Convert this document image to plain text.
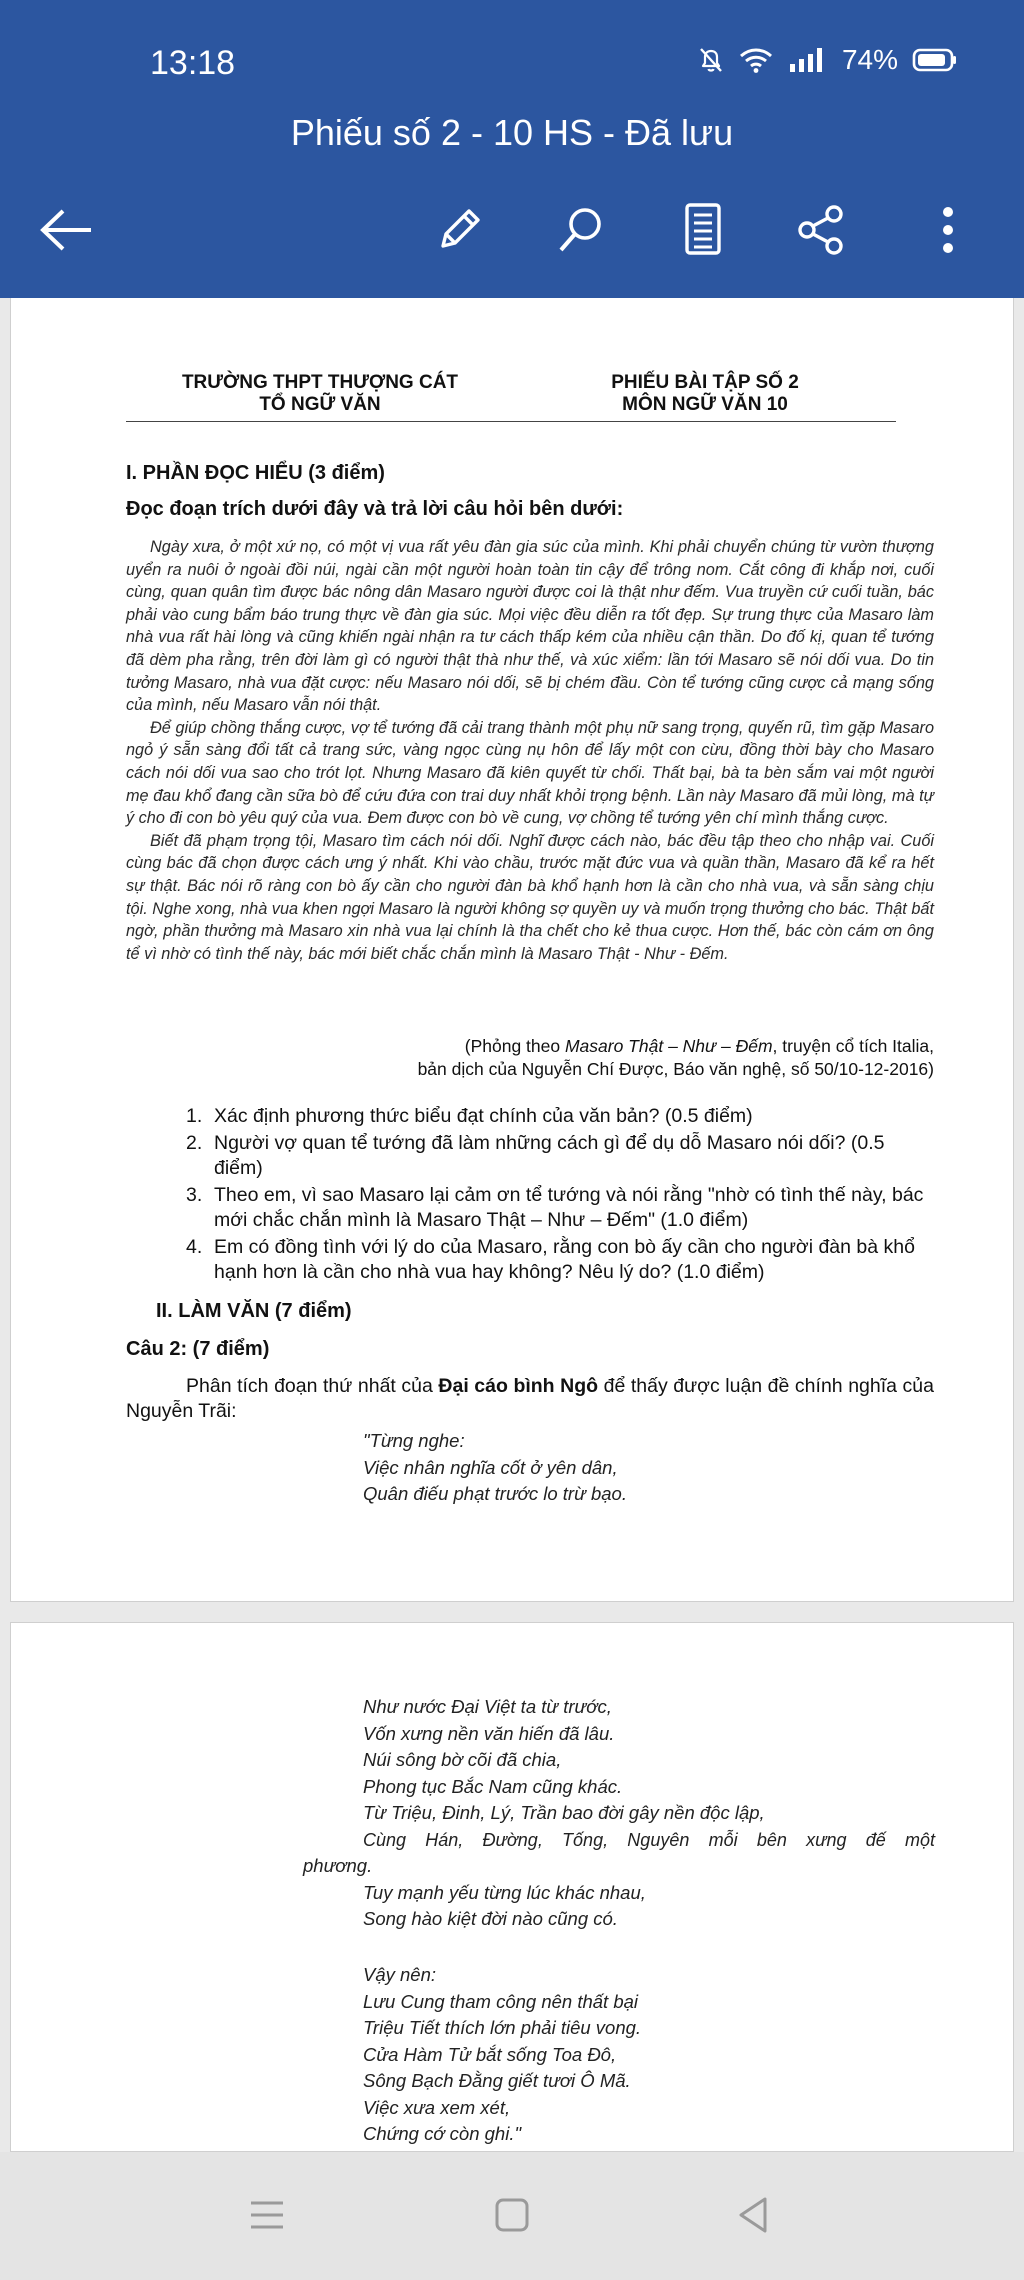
13:18	74%
Phiếu số 2 - 10 HS - Đã lưu
TRƯỜNG THPT THƯỢNG CÁT
TỔ NGỮ VĂN
PHIẾU BÀI TẬP SỐ 2
MÔN NGỮ VĂN 10
I. PHẦN ĐỌC HIỂU (3 điểm)
Đọc đoạn trích dưới đây và trả lời câu hỏi bên dưới:

Ngày xưa, ở một xứ nọ, có một vị vua rất yêu đàn gia súc của mình. Khi phải chuyển chúng từ vườn thượng uyển ra nuôi ở ngoài đồi núi, ngài cần một người hoàn toàn tin cậy để trông nom. Cắt công đi khắp nơi, cuối cùng, quan quân tìm được bác nông dân Masaro người được coi là thật như đếm. Vua truyền cứ cuối tuần, bác phải vào cung bẩm báo trung thực về đàn gia súc. Mọi việc đều diễn ra tốt đẹp. Sự trung thực của Masaro làm nhà vua rất hài lòng và cũng khiến ngài nhận ra tư cách thấp kém của nhiều cận thần. Do đố kị, quan tể tướng đã dèm pha rằng, trên đời làm gì có người thật thà như thế, và xúc xiểm: lần tới Masaro sẽ nói dối vua. Do tin tưởng Masaro, nhà vua đặt cược: nếu Masaro nói dối, sẽ bị chém đầu. Còn tể tướng cũng cược cả mạng sống của mình, nếu Masaro vẫn nói thật.

Để giúp chồng thắng cược, vợ tể tướng đã cải trang thành một phụ nữ sang trọng, quyến rũ, tìm gặp Masaro ngỏ ý sẵn sàng đổi tất cả trang sức, vàng ngọc cùng nụ hôn để lấy một con cừu, đồng thời bày cho Masaro cách nói dối vua sao cho trót lọt. Nhưng Masaro đã kiên quyết từ chối. Thất bại, bà ta bèn sắm vai một người mẹ đau khổ đang cần sữa bò để cứu đứa con trai duy nhất khỏi trọng bệnh. Lần này Masaro đã mủi lòng, mà tự ý cho đi con bò yêu quý của vua. Đem được con bò về cung, vợ chồng tể tướng yên chí mình thắng cược.

Biết đã phạm trọng tội, Masaro tìm cách nói dối. Nghĩ được cách nào, bác đều tập theo cho nhập vai. Cuối cùng bác đã chọn được cách ưng ý nhất. Khi vào chầu, trước mặt đức vua và quần thần, Masaro đã kể ra hết sự thật. Bác nói rõ ràng con bò ấy cần cho người đàn bà khổ hạnh hơn là cần cho nhà vua, và sẵn sàng chịu tội. Nghe xong, nhà vua khen ngợi Masaro là người không sợ quyền uy và muốn trọng thưởng cho bác. Thật bất ngờ, phần thưởng mà Masaro xin nhà vua lại chính là tha chết cho kẻ thua cược. Hơn thế, bác còn cám ơn ông tể vì nhờ có tình thế này, bác mới biết chắc chắn mình là Masaro Thật - Như - Đếm.

(Phỏng theo Masaro Thật – Như – Đếm, truyện cổ tích Italia,
bản dịch của Nguyễn Chí Được, Báo văn nghệ, số 50/10-12-2016)
1. Xác định phương thức biểu đạt chính của văn bản? (0.5 điểm)
2. Người vợ quan tể tướng đã làm những cách gì để dụ dỗ Masaro nói dối? (0.5 điểm)
3. Theo em, vì sao Masaro lại cảm ơn tể tướng và nói rằng "nhờ có tình thế này, bác mới chắc chắn mình là Masaro Thật – Như – Đếm" (1.0 điểm)
4. Em có đồng tình với lý do của Masaro, rằng con bò ấy cần cho người đàn bà khổ hạnh hơn là cần cho nhà vua hay không? Nêu lý do? (1.0 điểm)
II. LÀM VĂN (7 điểm)
Câu 2: (7 điểm)
Phân tích đoạn thứ nhất của Đại cáo bình Ngô để thấy được luận đề chính nghĩa của Nguyễn Trãi:
"Từng nghe:
Việc nhân nghĩa cốt ở yên dân,
Quân điếu phạt trước lo trừ bạo.
Như nước Đại Việt ta từ trước,
Vốn xưng nền văn hiến đã lâu.
Núi sông bờ cõi đã chia,
Phong tục Bắc Nam cũng khác.
Từ Triệu, Đinh, Lý, Trần bao đời gây nền độc lập,
Cùng Hán, Đường, Tống, Nguyên mỗi bên xưng đế một
phương.
Tuy mạnh yếu từng lúc khác nhau,
Song hào kiệt đời nào cũng có.
Vậy nên:
Lưu Cung tham công nên thất bại
Triệu Tiết thích lớn phải tiêu vong.
Cửa Hàm Tử bắt sống Toa Đô,
Sông Bạch Đằng giết tươi Ô Mã.
Việc xưa xem xét,
Chứng cớ còn ghi."
